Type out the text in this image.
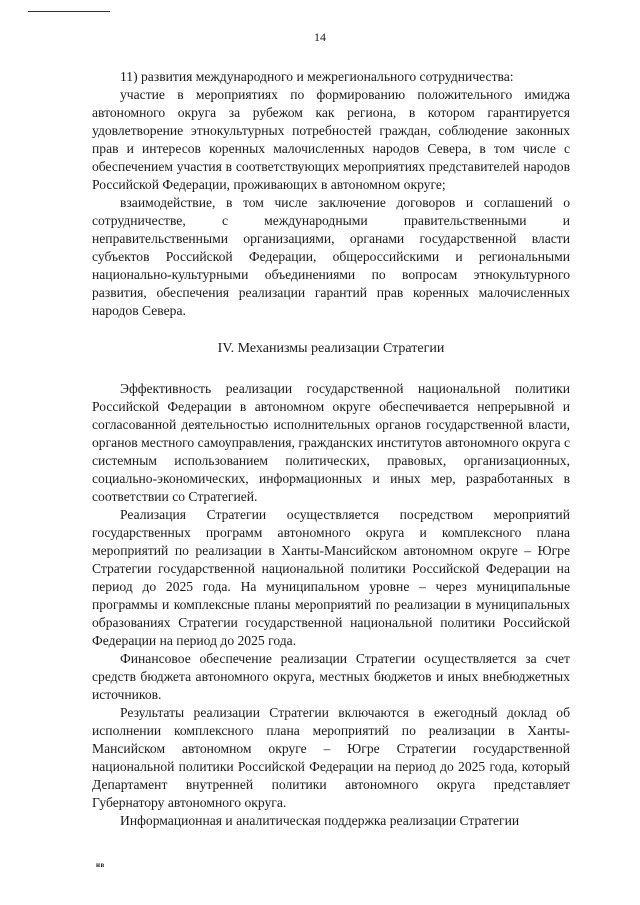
14

11) развития международного и межрегионального сотрудничества:

участие в мероприятиях по формированию положительного имиджа автономного округа за рубежом как региона, в котором гарантируется удовлетворение этнокультурных потребностей граждан, соблюдение законных прав и интересов коренных малочисленных народов Севера, в том числе с обеспечением участия в соответствующих мероприятиях представителей народов Российской Федерации, проживающих в автономном округе;

взаимодействие, в том числе заключение договоров и соглашений о сотрудничестве, с международными правительственными и неправительственными организациями, органами государственной власти субъектов Российской Федерации, общероссийскими и региональными национально-культурными объединениями по вопросам этнокультурного развития, обеспечения реализации гарантий прав коренных малочисленных народов Севера.

IV. Механизмы реализации Стратегии

Эффективность реализации государственной национальной политики Российской Федерации в автономном округе обеспечивается непрерывной и согласованной деятельностью исполнительных органов государственной власти, органов местного самоуправления, гражданских институтов автономного округа с системным использованием политических, правовых, организационных, социально-экономических, информационных и иных мер, разработанных в соответствии со Стратегией.

Реализация Стратегии осуществляется посредством мероприятий государственных программ автономного округа и комплексного плана мероприятий по реализации в Ханты-Мансийском автономном округе – Югре Стратегии государственной национальной политики Российской Федерации на период до 2025 года. На муниципальном уровне – через муниципальные программы и комплексные планы мероприятий по реализации в муниципальных образованиях Стратегии государственной национальной политики Российской Федерации на период до 2025 года.

Финансовое обеспечение реализации Стратегии осуществляется за счет средств бюджета автономного округа, местных бюджетов и иных внебюджетных источников.

Результаты реализации Стратегии включаются в ежегодный доклад об исполнении комплексного плана мероприятий по реализации в Ханты-Мансийском автономном округе – Югре Стратегии государственной национальной политики Российской Федерации на период до 2025 года, который Департамент внутренней политики автономного округа представляет Губернатору автономного округа.

Информационная и аналитическая поддержка реализации Стратегии

нв
